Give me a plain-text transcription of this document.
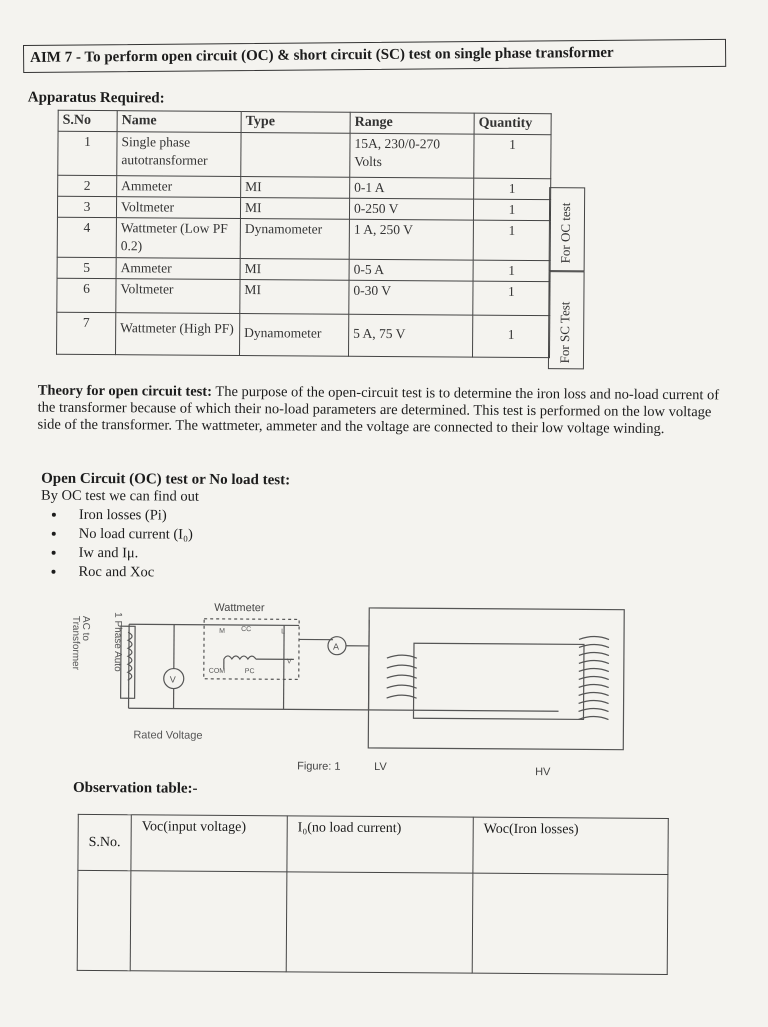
AIM 7 - To perform open circuit (OC) & short circuit (SC) test on single phase transformer
Apparatus Required:
S.No	Name	Type	Range	Quantity
1	Single phase autotransformer		15A, 230/0-270 Volts	1
2	Ammeter	MI	0-1 A	1
3	Voltmeter	MI	0-250 V	1
4	Wattmeter (Low PF 0.2)	Dynamometer	1 A, 250 V	1
5	Ammeter	MI	0-5 A	1
6	Voltmeter	MI	0-30 V	1
7	Wattmeter (High PF)	Dynamometer	5 A, 75 V	1
For OC test
For SC Test
Theory for open circuit test: The purpose of the open-circuit test is to determine the iron loss and no-load current of the transformer because of which their no-load parameters are determined. This test is performed on the low voltage side of the transformer. The wattmeter, ammeter and the voltage are connected to their low voltage winding.
Open Circuit (OC) test or No load test:
By OC test we can find out
• Iron losses (Pi)
• No load current (I₀)
• Iw and Iμ.
• Roc and Xoc
Wattmeter
M CC	L
COM	PC
V
V
A
Rated Voltage
Figure: 1	LV	HV
AC to
Transformer	1 Phase Auto
Observation table:-
S.No.	Voc(input voltage)	I₀(no load current)	Woc(Iron losses)
